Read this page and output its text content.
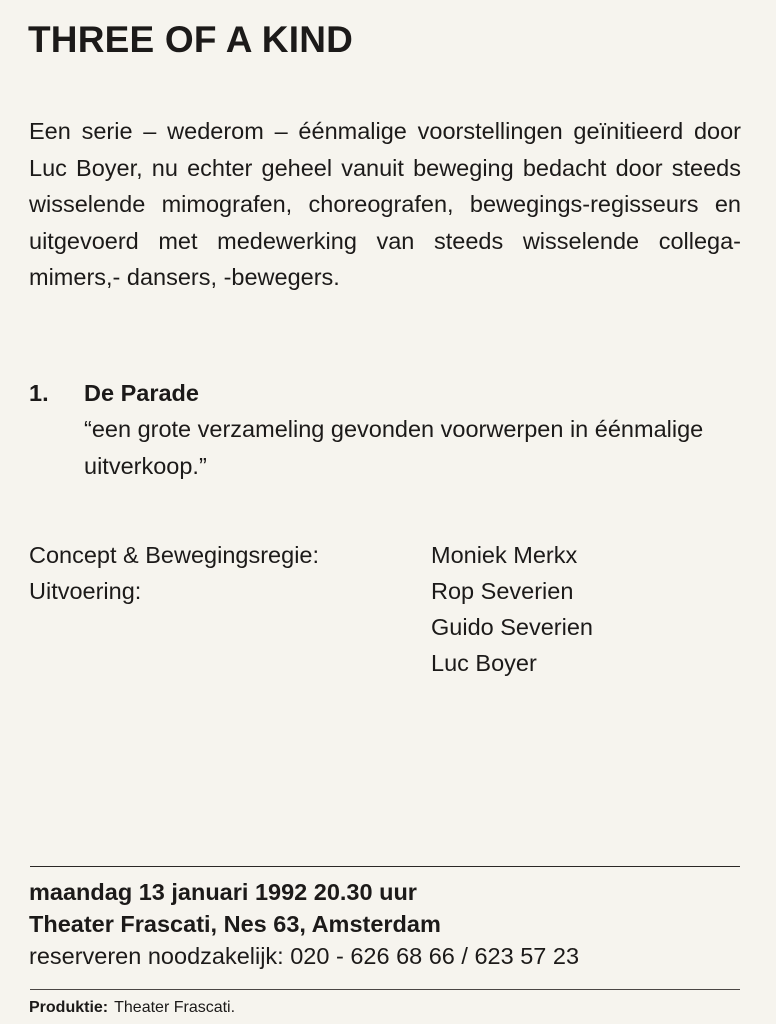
THREE OF A KIND

Een serie – wederom – éénmalige voorstellingen geïnitieerd door Luc Boyer, nu echter geheel vanuit beweging bedacht door steeds wisselende mimografen, choreografen, bewegings-regisseurs en uitgevoerd met medewerking van steeds wisselende collega-mimers,- dansers, -bewegers.

1.	De Parade
“een grote verzameling gevonden voorwerpen in éénmalige uitverkoop.”
Concept & Bewegingsregie:	Moniek Merkx
Uitvoering:	Rop Severien
Guido Severien
Luc Boyer
maandag 13 januari 1992 20.30 uur
Theater Frascati, Nes 63, Amsterdam
reserveren noodzakelijk: 020 - 626 68 66 / 623 57 23
Produktie: Theater Frascati.
